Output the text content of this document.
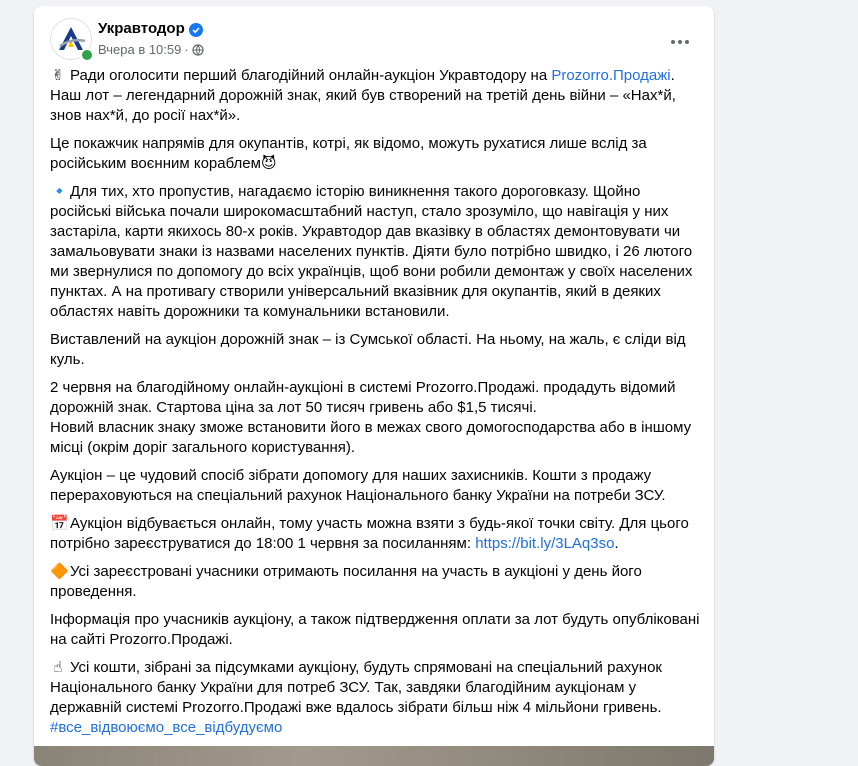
Укравтодор
Вчера в 10:59 ·

✌ Ради оголосити перший благодійний онлайн-аукціон Укравтодору на Prozorro.Продажі. Наш лот – легендарний дорожній знак, який був створений на третій день війни – «Нах*й, знов нах*й, до росії нах*й».

Це покажчик напрямів для окупантів, котрі, як відомо, можуть рухатися лише вслід за російським воєнним кораблем😈

🔹Для тих, хто пропустив, нагадаємо історію виникнення такого дороговказу. Щойно російські війська почали широкомасштабний наступ, стало зрозуміло, що навігація у них застаріла, карти якихось 80-х років. Укравтодор дав вказівку в областях демонтовувати чи замальовувати знаки із назвами населених пунктів. Діяти було потрібно швидко, і 26 лютого ми звернулися по допомогу до всіх українців, щоб вони робили демонтаж у своїх населених пунктах. А на противагу створили універсальний вказівник для окупантів, який в деяких областях навіть дорожники та комунальники встановили.

Виставлений на аукціон дорожній знак – із Сумської області. На ньому, на жаль, є сліди від куль.

2 червня на благодійному онлайн-аукціоні в системі Prozorro.Продажі. продадуть відомий дорожній знак. Стартова ціна за лот 50 тисяч гривень або $1,5 тисячі.
Новий власник знаку зможе встановити його в межах свого домогосподарства або в іншому місці (окрім доріг загального користування).

Аукціон – це чудовий спосіб зібрати допомогу для наших захисників. Кошти з продажу перераховуються на спеціальний рахунок Національного банку України на потреби ЗСУ.

📅Аукціон відбувається онлайн, тому участь можна взяти з будь-якої точки світу. Для цього потрібно зареєструватися до 18:00 1 червня за посиланням: https://bit.ly/3LAq3so.

🔶Усі зареєстровані учасники отримають посилання на участь в аукціоні у день його проведення.

Інформація про учасників аукціону, а також підтвердження оплати за лот будуть опубліковані на сайті Prozorro.Продажі.

☝ Усі кошти, зібрані за підсумками аукціону, будуть спрямовані на спеціальний рахунок Національного банку України для потреб ЗСУ. Так, завдяки благодійним аукціонам у державній системі Prozorro.Продажі вже вдалось зібрати більш ніж 4 мільйони гривень.
#все_відвоюємо_все_відбудуємо
